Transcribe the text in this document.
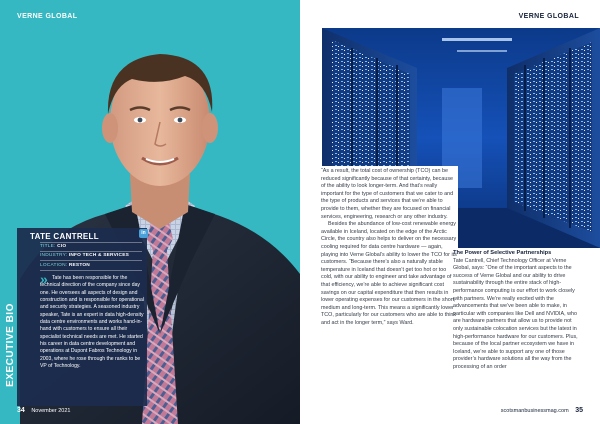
VERNE GLOBAL
EXECUTIVE BIO
TATE CANTRELL	in
TITLE: CIO
INDUSTRY: INFO TECH & SERVICES
LOCATION: RESTON
» Tate has been responsible for the technical direction of the company since day one. He oversees all aspects of design and construction and is responsible for operational and security strategies. A seasoned industry speaker, Tate is an expert in data high-density data centre environments and works hand-in-hand with customers to ensure all their specialist technical needs are met. He started his career in data centre development and operations at Dupont Fabros Technology in 2003, where he rose through the ranks to be VP of Technology.
34 November 2021
VERNE GLOBAL

“As a result, the total cost of ownership (TCO) can be reduced significantly because of that certainty, because of the ability to look longer-term. And that’s really important for the type of customers that we cater to and the type of products and services that we’re able to provide to them, whether they are focused on financial services, engineering, research or any other industry.

Besides the abundance of low-cost renewable energy available in Iceland, located on the edge of the Arctic Circle, the country also helps to deliver on the necessary cooling required for data centre hardware — again, playing into Verne Global’s ability to lower the TCO for its customers. “Because there’s also a naturally stable temperature in Iceland that doesn’t get too hot or too cold, with our ability to engineer and take advantage of that efficiency, we’re able to achieve significant cost savings on our capital expenditure that then results in lower operating expenses for our customers in the short, medium and long-term. This means a significantly lower TCO, particularly for our customers who are able to think and act in the longer term,” says Ward.

The Power of Selective Partnerships

Tate Cantrell, Chief Technology Officer at Verne Global, says: “One of the important aspects to the success of Verne Global and our ability to drive sustainability through the entire stack of high-performance computing is our effort to work closely with partners. We’re really excited with the advancements that we’ve been able to make, in particular with companies like Dell and NVIDIA, who are hardware partners that allow us to provide not only sustainable colocation services but the latest in high-performance hardware for our customers. Plus, because of the local partner ecosystem we have in Iceland, we’re able to support any one of those provider’s hardware solutions all the way from the processing of an order

scotsmanbusinessmag.com 35
